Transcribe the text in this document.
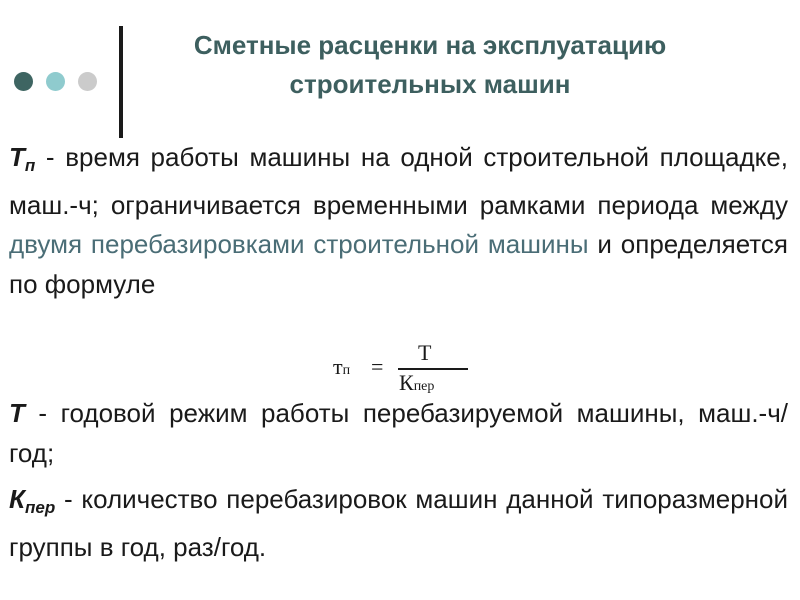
Сметные расценки на эксплуатацию строительных машин
$Т_п$ - время работы машины на одной строительной площадке, маш.-ч; ограничивается временными рамками периода между двумя перебазировками строительной машины и определяется по формуле
тп =
T
Кпер
Т - годовой режим работы перебазируемой машины, маш.-ч/год;
$К_{пер}$ - количество перебазировок машин данной типоразмерной группы в год, раз/год.
